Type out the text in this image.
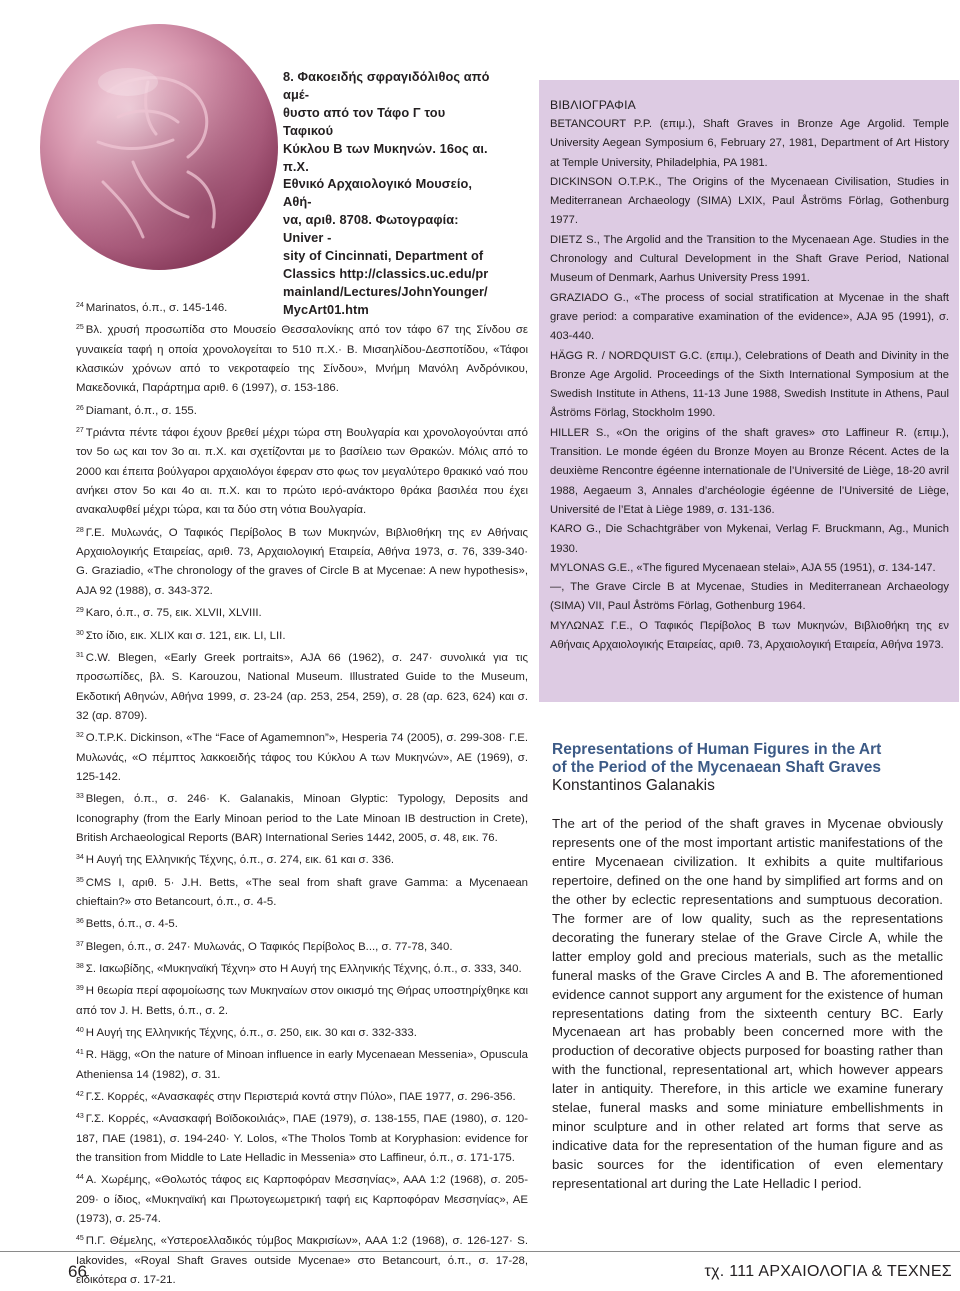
8. Φακοειδής σφραγιδόλιθος από αμέ-
θυστο από τον Τάφο Γ του Ταφικού
Κύκλου Β των Μυκηνών. 16ος αι. π.Χ.
Εθνικό Αρχαιολογικό Μουσείο, Αθή-
να, αριθ. 8708. Φωτογραφία: Univer -
sity of Cincinnati, Department of
Classics http://classics.uc.edu/pr
mainland/Lectures/JohnYounger/
MycArt01.htm
$^{24}$ Marinatos, ό.π., σ. 145-146.
$^{25}$ Βλ. χρυσή προσωπίδα στο Μουσείο Θεσσαλονίκης από τον τάφο 67 της Σίνδου σε γυναικεία ταφή η οποία χρονολογείται το 510 π.Χ.· Β. Μισαηλίδου-Δεσποτίδου, «Τάφοι κλασικών χρόνων από το νεκροταφείο της Σίνδου», Μνήμη Μανόλη Ανδρόνικου, Μακεδονικά, Παράρτημα αριθ. 6 (1997), σ. 153-186.
$^{26}$ Diamant, ό.π., σ. 155.
$^{27}$ Τριάντα πέντε τάφοι έχουν βρεθεί μέχρι τώρα στη Βουλγαρία και χρονολογούνται από τον 5ο ως και τον 3ο αι. π.Χ. και σχετίζονται με το βασίλειο των Θρακών. Μόλις από το 2000 και έπειτα βούλγαροι αρχαιολόγοι έφεραν στο φως τον μεγαλύτερο θρακικό ναό που ανήκει στον 5ο και 4ο αι. π.Χ. και το πρώτο ιερό-ανάκτορο θράκα βασιλέα που έχει ανακαλυφθεί μέχρι τώρα, και τα δύο στη νότια Βουλγαρία.
$^{28}$ Γ.Ε. Μυλωνάς, Ο Ταφικός Περίβολος Β των Μυκηνών, Βιβλιοθήκη της εν Αθήναις Αρχαιολογικής Εταιρείας, αριθ. 73, Αρχαιολογική Εταιρεία, Αθήνα 1973, σ. 76, 339-340· G. Graziadio, «The chronology of the graves of Circle B at Mycenae: A new hypothesis», AJA 92 (1988), σ. 343-372.
$^{29}$ Karo, ό.π., σ. 75, εικ. XLVII, XLVIII.
$^{30}$ Στο ίδιο, εικ. XLIX και σ. 121, εικ. LI, LII.
$^{31}$ C.W. Blegen, «Early Greek portraits», AJA 66 (1962), σ. 247· συνολικά για τις προσωπίδες, βλ. S. Karouzou, National Museum. Illustrated Guide to the Museum, Εκδοτική Αθηνών, Αθήνα 1999, σ. 23-24 (αρ. 253, 254, 259), σ. 28 (αρ. 623, 624) και σ. 32 (αρ. 8709).
$^{32}$ O.T.P.K. Dickinson, «The “Face of Agamemnon”», Hesperia 74 (2005), σ. 299-308· Γ.Ε. Μυλωνάς, «Ο πέμπτος λακκοειδής τάφος του Κύκλου Α των Μυκηνών», ΑΕ (1969), σ. 125-142.
$^{33}$ Blegen, ό.π., σ. 246· K. Galanakis, Minoan Glyptic: Typology, Deposits and Iconography (from the Early Minoan period to the Late Minoan IB destruction in Crete), British Archaeological Reports (BAR) International Series 1442, 2005, σ. 48, εικ. 76.
$^{34}$ Η Αυγή της Ελληνικής Τέχνης, ό.π., σ. 274, εικ. 61 και σ. 336.
$^{35}$ CMS I, αριθ. 5· J.H. Betts, «The seal from shaft grave Gamma: a Mycenaean chieftain?» στο Betancourt, ό.π., σ. 4-5.
$^{36}$ Betts, ό.π., σ. 4-5.
$^{37}$ Blegen, ό.π., σ. 247· Μυλωνάς, Ο Ταφικός Περίβολος Β..., σ. 77-78, 340.
$^{38}$ Σ. Ιακωβίδης, «Μυκηναϊκή Τέχνη» στο Η Αυγή της Ελληνικής Τέχνης, ό.π., σ. 333, 340.
$^{39}$ Η θεωρία περί αφομοίωσης των Μυκηναίων στον οικισμό της Θήρας υποστηρίχθηκε και από τον J. H. Betts, ό.π., σ. 2.
$^{40}$ Η Αυγή της Ελληνικής Τέχνης, ό.π., σ. 250, εικ. 30 και σ. 332-333.
$^{41}$ R. Hägg, «On the nature of Minoan influence in early Mycenaean Messenia», Opuscula Atheniensa 14 (1982), σ. 31.
$^{42}$ Γ.Σ. Κορρές, «Ανασκαφές στην Περιστεριά κοντά στην Πύλο», ΠΑΕ 1977, σ. 296-356.
$^{43}$ Γ.Σ. Κορρές, «Ανασκαφή Βοϊδοκοιλιάς», ΠΑΕ (1979), σ. 138-155, ΠΑΕ (1980), σ. 120-187, ΠΑΕ (1981), σ. 194-240· Y. Lolos, «The Tholos Tomb at Koryphasion: evidence for the transition from Middle to Late Helladic in Messenia» στο Laffineur, ό.π., σ. 171-175.
$^{44}$ Α. Χωρέμης, «Θολωτός τάφος εις Καρποφόραν Μεσσηνίας», ΑΑΑ 1:2 (1968), σ. 205-209· ο ίδιος, «Μυκηναϊκή και Πρωτογεωμετρική ταφή εις Καρποφόραν Μεσσηνίας», ΑΕ (1973), σ. 25-74.
$^{45}$ Π.Γ. Θέμελης, «Υστεροελλαδικός τύμβος Μακρισίων», ΑΑΑ 1:2 (1968), σ. 126-127· S. Iakovides, «Royal Shaft Graves outside Mycenae» στο Betancourt, ό.π., σ. 17-28, ειδικότερα σ. 17-21.
ΒΙΒΛΙΟΓΡΑΦΙΑ
BETANCOURT P.P. (επιμ.), Shaft Graves in Bronze Age Argolid. Temple University Aegean Symposium 6, February 27, 1981, Department of Art History at Temple University, Philadelphia, PA 1981.
DICKINSON O.T.P.K., The Origins of the Mycenaean Civilisation, Studies in Mediterranean Archaeology (SIMA) LXIX, Paul Åströms Förlag, Gothenburg 1977.
DIETZ S., The Argolid and the Transition to the Mycenaean Age. Studies in the Chronology and Cultural Development in the Shaft Grave Period, National Museum of Denmark, Aarhus University Press 1991.
GRAZIADO G., «The process of social stratification at Mycenae in the shaft grave period: a comparative examination of the evidence», AJA 95 (1991), σ. 403-440.
HÄGG R. / NORDQUIST G.C. (επιμ.), Celebrations of Death and Divinity in the Bronze Age Argolid. Proceedings of the Sixth International Symposium at the Swedish Institute in Athens, 11-13 June 1988, Swedish Institute in Athens, Paul Åströms Förlag, Stockholm 1990.
HILLER S., «On the origins of the shaft graves» στο Laffineur R. (επιμ.), Transition. Le monde égéen du Bronze Moyen au Bronze Récent. Actes de la deuxième Rencontre égéenne internationale de l’Université de Liège, 18-20 avril 1988, Aegaeum 3, Annales d’archéologie égéenne de l’Université de Liège, Université de l’Etat à Liège 1989, σ. 131-136.
KARO G., Die Schachtgräber von Mykenai, Verlag F. Bruckmann, Ag., Munich 1930.
MYLONAS G.E., «The figured Mycenaean stelai», AJA 55 (1951), σ. 134-147.
—, The Grave Circle B at Mycenae, Studies in Mediterranean Archaeology (SIMA) VII, Paul Åströms Förlag, Gothenburg 1964.
ΜΥΛΩΝΑΣ Γ.Ε., Ο Ταφικός Περίβολος Β των Μυκηνών, Βιβλιοθήκη της εν Αθήναις Αρχαιολογικής Εταιρείας, αριθ. 73, Αρχαιολογική Εταιρεία, Αθήνα 1973.
Representations of Human Figures in the Art
of the Period of the Mycenaean Shaft Graves
Konstantinos Galanakis

The art of the period of the shaft graves in Mycenae obviously represents one of the most important artistic manifestations of the entire Mycenaean civilization. It exhibits a quite multifarious repertoire, defined on the one hand by simplified art forms and on the other by eclectic representations and sumptuous decoration. The former are of low quality, such as the representations decorating the funerary stelae of the Grave Circle A, while the latter employ gold and precious materials, such as the metallic funeral masks of the Grave Circles A and B. The aforementioned evidence cannot support any argument for the existence of human representations dating from the sixteenth century BC. Early Mycenaean art has probably been concerned more with the production of decorative objects purposed for boasting rather than with the functional, representational art, which however appears later in antiquity. Therefore, in this article we examine funerary stelae, funeral masks and some miniature embellishments in minor sculpture and in other related art forms that serve as indicative data for the representation of the human figure and as basic sources for the identification of even elementary representational art during the Late Helladic I period.

66	τχ. 111 ΑΡΧΑΙΟΛΟΓΙΑ & ΤΕΧΝΕΣ
